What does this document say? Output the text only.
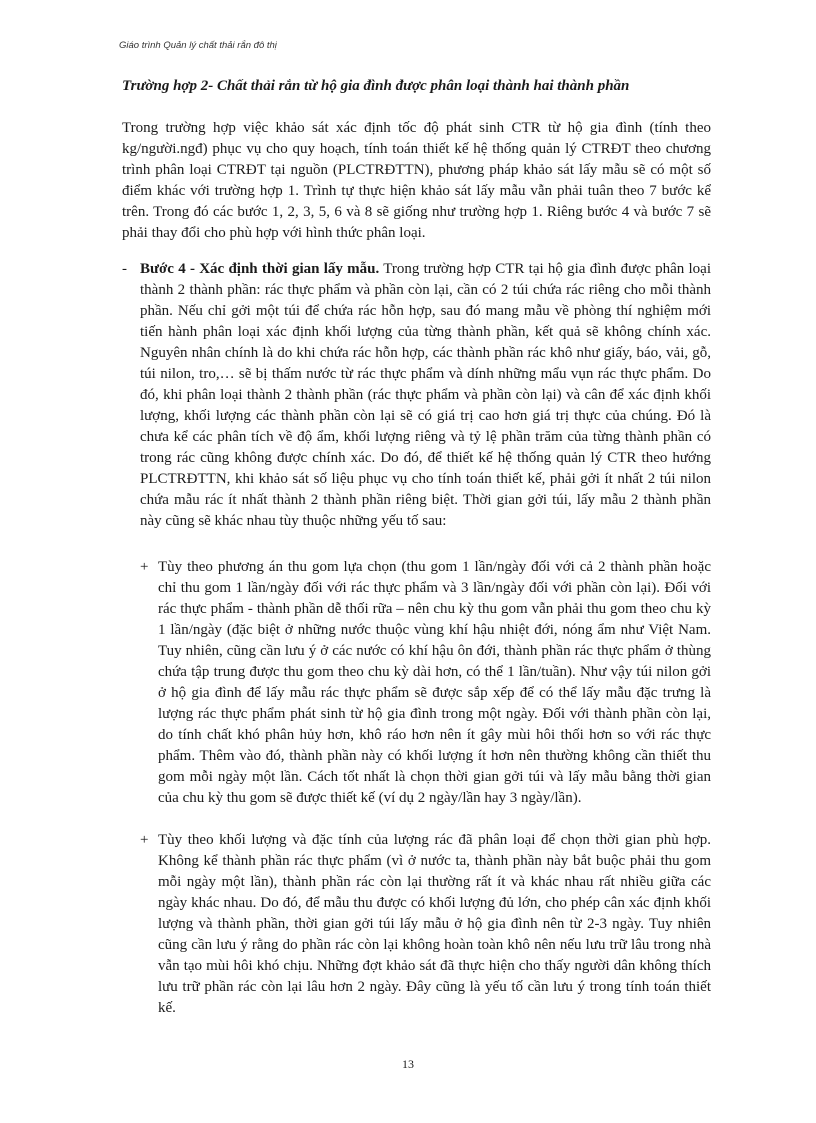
Giáo trình Quản lý chất thải rắn đô thị
Trường hợp 2- Chất thải rắn từ hộ gia đình được phân loại thành hai thành phần

Trong trường hợp việc khảo sát xác định tốc độ phát sinh CTR từ hộ gia đình (tính theo kg/người.ngđ) phục vụ cho quy hoạch, tính toán thiết kế hệ thống quản lý CTRĐT theo chương trình phân loại CTRĐT tại nguồn (PLCTRĐTTN), phương pháp khảo sát lấy mẫu sẽ có một số điểm khác với trường hợp 1. Trình tự thực hiện khảo sát lấy mẫu vẫn phải tuân theo 7 bước kể trên. Trong đó các bước 1, 2, 3, 5, 6 và 8 sẽ giống như trường hợp 1. Riêng bước 4 và bước 7 sẽ phải thay đổi cho phù hợp với hình thức phân loại.

- Bước 4 - Xác định thời gian lấy mẫu. Trong trường hợp CTR tại hộ gia đình được phân loại thành 2 thành phần: rác thực phẩm và phần còn lại, cần có 2 túi chứa rác riêng cho mỗi thành phần. Nếu chỉ gởi một túi để chứa rác hỗn hợp, sau đó mang mẫu về phòng thí nghiệm mới tiến hành phân loại xác định khối lượng của từng thành phần, kết quả sẽ không chính xác. Nguyên nhân chính là do khi chứa rác hỗn hợp, các thành phần rác khô như giấy, báo, vải, gỗ, túi nilon, tro,… sẽ bị thấm nước từ rác thực phẩm và dính những mẩu vụn rác thực phẩm. Do đó, khi phân loại thành 2 thành phần (rác thực phẩm và phần còn lại) và cân để xác định khối lượng, khối lượng các thành phần còn lại sẽ có giá trị cao hơn giá trị thực của chúng. Đó là chưa kể các phân tích về độ ẩm, khối lượng riêng và tỷ lệ phần trăm của từng thành phần có trong rác cũng không được chính xác. Do đó, để thiết kế hệ thống quản lý CTR theo hướng PLCTRĐTTN, khi khảo sát số liệu phục vụ cho tính toán thiết kế, phải gởi ít nhất 2 túi nilon chứa mẫu rác ít nhất thành 2 thành phần riêng biệt. Thời gian gởi túi, lấy mẫu 2 thành phần này cũng sẽ khác nhau tùy thuộc những yếu tố sau:

+ Tùy theo phương án thu gom lựa chọn (thu gom 1 lần/ngày đối với cả 2 thành phần hoặc chỉ thu gom 1 lần/ngày đối với rác thực phẩm và 3 lần/ngày đối với phần còn lại). Đối với rác thực phẩm - thành phần dễ thối rữa – nên chu kỳ thu gom vẫn phải thu gom theo chu kỳ 1 lần/ngày (đặc biệt ở những nước thuộc vùng khí hậu nhiệt đới, nóng ẩm như Việt Nam. Tuy nhiên, cũng cần lưu ý ở các nước có khí hậu ôn đới, thành phần rác thực phẩm ở thùng chứa tập trung được thu gom theo chu kỳ dài hơn, có thể 1 lần/tuần). Như vậy túi nilon gởi ở hộ gia đình để lấy mẫu rác thực phẩm sẽ được sắp xếp để có thể lấy mẫu đặc trưng là lượng rác thực phẩm phát sinh từ hộ gia đình trong một ngày. Đối với thành phần còn lại, do tính chất khó phân hủy hơn, khô ráo hơn nên ít gây mùi hôi thối hơn so với rác thực phẩm. Thêm vào đó, thành phần này có khối lượng ít hơn nên thường không cần thiết thu gom mỗi ngày một lần. Cách tốt nhất là chọn thời gian gởi túi và lấy mẫu bằng thời gian của chu kỳ thu gom sẽ được thiết kế (ví dụ 2 ngày/lần hay 3 ngày/lần).

+ Tùy theo khối lượng và đặc tính của lượng rác đã phân loại để chọn thời gian phù hợp. Không kể thành phần rác thực phẩm (vì ở nước ta, thành phần này bắt buộc phải thu gom mỗi ngày một lần), thành phần rác còn lại thường rất ít và khác nhau rất nhiều giữa các ngày khác nhau. Do đó, để mẫu thu được có khối lượng đủ lớn, cho phép cân xác định khối lượng và thành phần, thời gian gởi túi lấy mẫu ở hộ gia đình nên từ 2-3 ngày. Tuy nhiên cũng cần lưu ý rằng do phần rác còn lại không hoàn toàn khô nên nếu lưu trữ lâu trong nhà vẫn tạo mùi hôi khó chịu. Những đợt khảo sát đã thực hiện cho thấy người dân không thích lưu trữ phần rác còn lại lâu hơn 2 ngày. Đây cũng là yếu tố cần lưu ý trong tính toán thiết kế.

13
